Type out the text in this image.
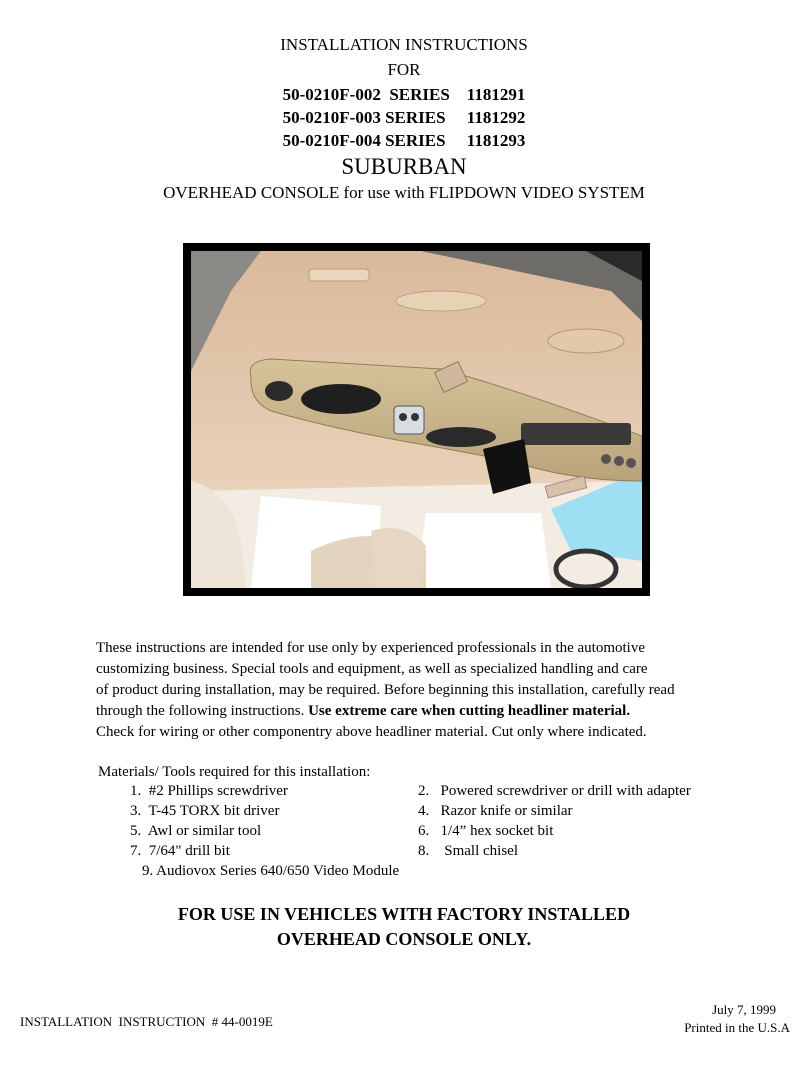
INSTALLATION INSTRUCTIONS
FOR
50-0210F-002  SERIES    1181291
50-0210F-003 SERIES     1181292
50-0210F-004 SERIES     1181293
SUBURBAN
OVERHEAD CONSOLE for use with FLIPDOWN VIDEO SYSTEM
These instructions are intended for use only by experienced professionals in the automotive
customizing business. Special tools and equipment, as well as specialized handling and care
of product during installation, may be required. Before beginning this installation, carefully read
through the following instructions. Use extreme care when cutting headliner material.
Check for wiring or other componentry above headliner material. Cut only where indicated.
Materials/ Tools required for this installation:
1.  #2 Phillips screwdriver	2.   Powered screwdriver or drill with adapter
3.  T-45 TORX bit driver	4.   Razor knife or similar
5.  Awl or similar tool	6.   1/4” hex socket bit
7.  7/64" drill bit	8.    Small chisel
9. Audiovox Series 640/650 Video Module
FOR USE IN VEHICLES WITH FACTORY INSTALLED
OVERHEAD CONSOLE ONLY.
INSTALLATION  INSTRUCTION  # 44-0019E
July 7, 1999
Printed in the U.S.A
